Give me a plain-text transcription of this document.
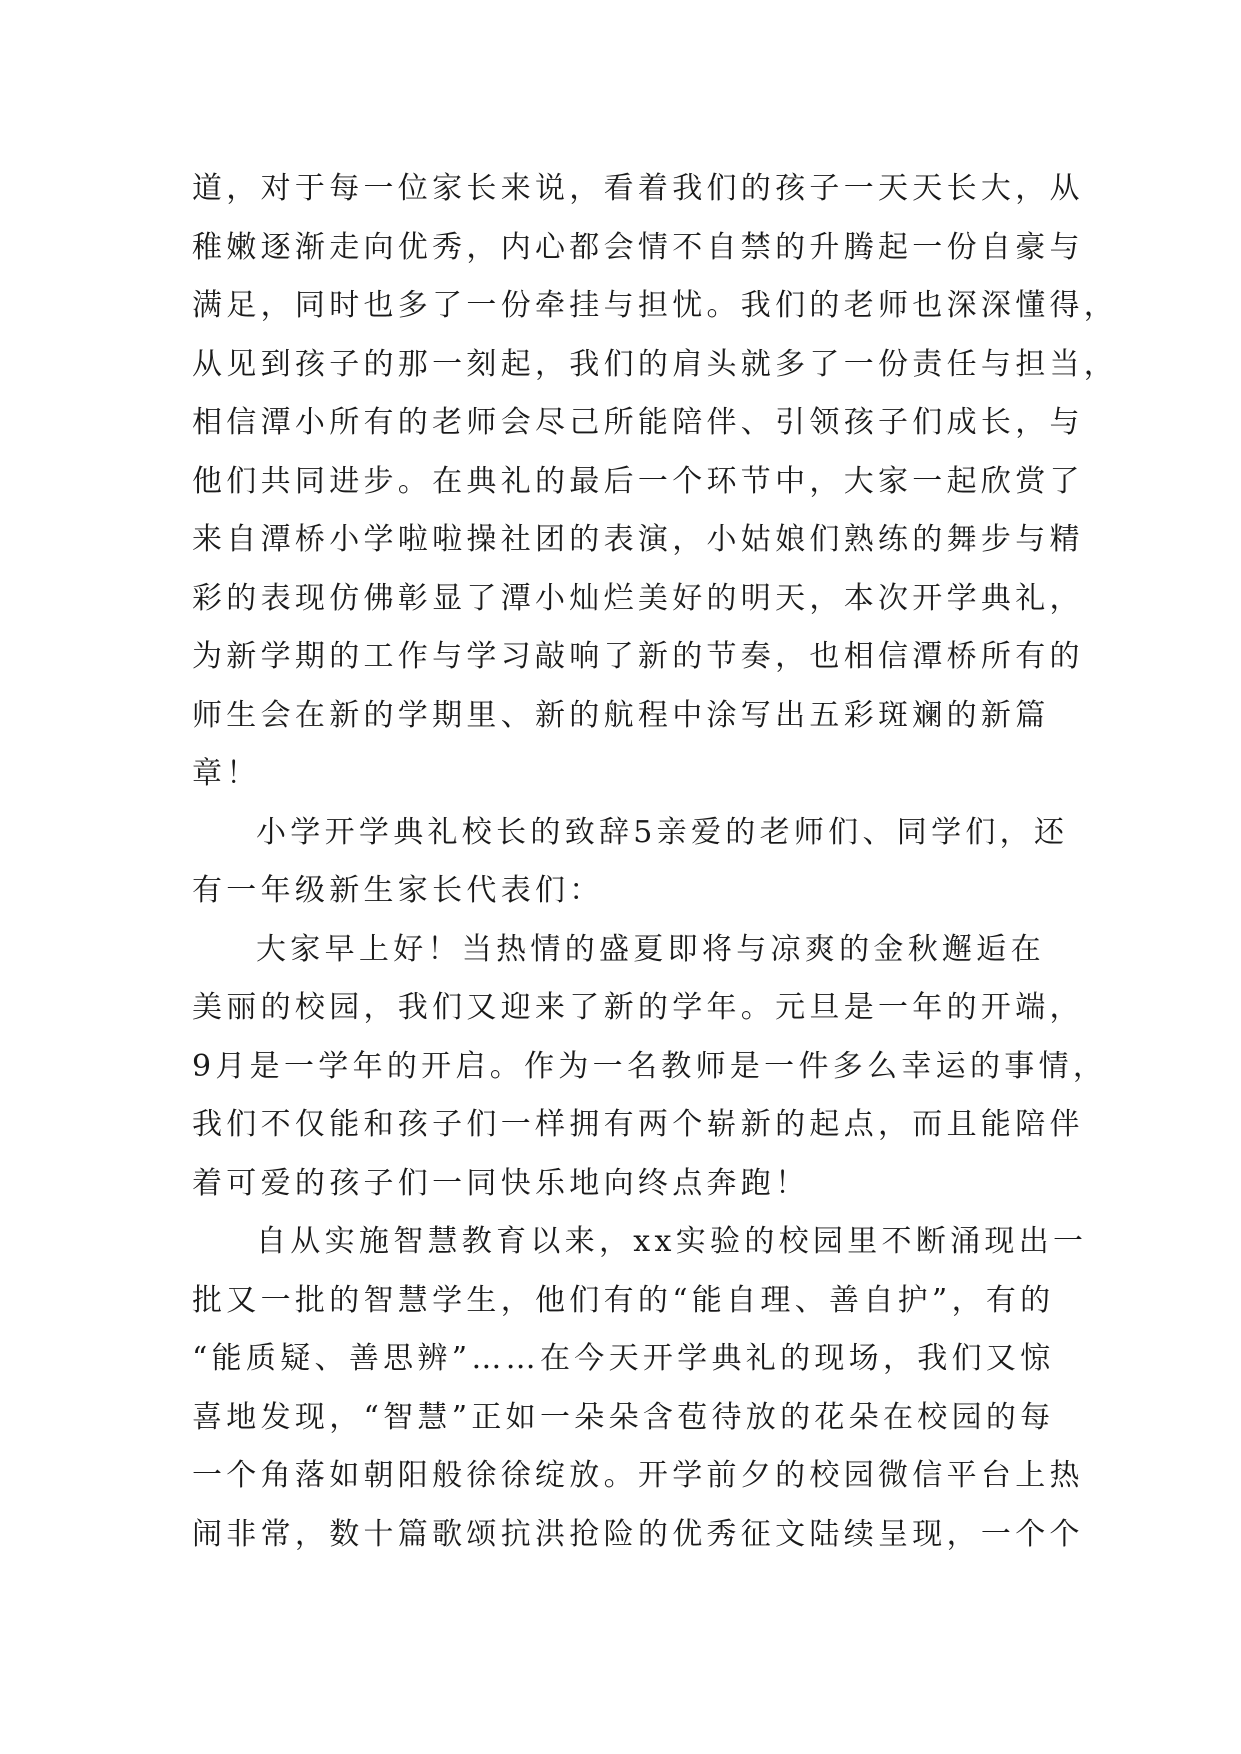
道，对于每一位家长来说，看着我们的孩子一天天长大，从
稚嫩逐渐走向优秀，内心都会情不自禁的升腾起一份自豪与
满足，同时也多了一份牵挂与担忧。我们的老师也深深懂得，
从见到孩子的那一刻起，我们的肩头就多了一份责任与担当，
相信潭小所有的老师会尽己所能陪伴、引领孩子们成长，与
他们共同进步。在典礼的最后一个环节中，大家一起欣赏了
来自潭桥小学啦啦操社团的表演，小姑娘们熟练的舞步与精
彩的表现仿佛彰显了潭小灿烂美好的明天，本次开学典礼，
为新学期的工作与学习敲响了新的节奏，也相信潭桥所有的
师生会在新的学期里、新的航程中涂写出五彩斑斓的新篇
章！
小学开学典礼校长的致辞5亲爱的老师们、同学们，还
有一年级新生家长代表们：
大家早上好！当热情的盛夏即将与凉爽的金秋邂逅在
美丽的校园，我们又迎来了新的学年。元旦是一年的开端，
9月是一学年的开启。作为一名教师是一件多么幸运的事情，
我们不仅能和孩子们一样拥有两个崭新的起点，而且能陪伴
着可爱的孩子们一同快乐地向终点奔跑！
自从实施智慧教育以来，xx实验的校园里不断涌现出一
批又一批的智慧学生，他们有的“能自理、善自护”，有的
“能质疑、善思辨”……在今天开学典礼的现场，我们又惊
喜地发现，“智慧”正如一朵朵含苞待放的花朵在校园的每
一个角落如朝阳般徐徐绽放。开学前夕的校园微信平台上热
闹非常，数十篇歌颂抗洪抢险的优秀征文陆续呈现，一个个
